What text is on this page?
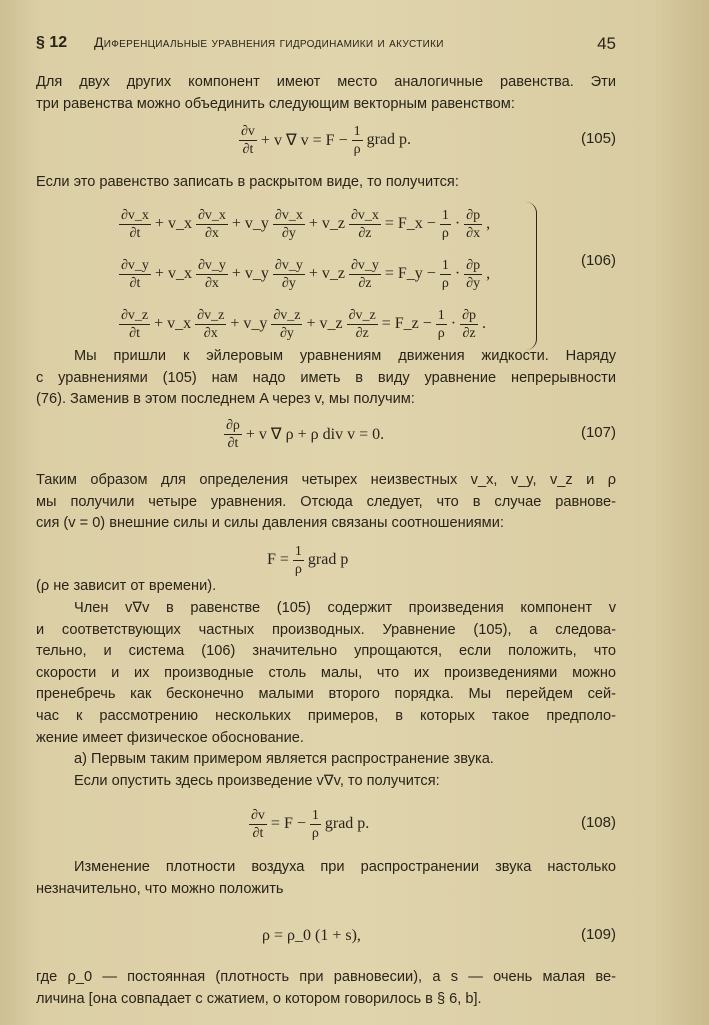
§ 12 Диференциальные уравнения гидродинамики и акустики	45
Для двух других компонент имеют место аналогичные равенства. Эти
три равенства можно объединить следующим векторным равенством:
$\frac{\partial v}{\partial t} + v$ ∇ $v = F - \frac{1}{\rho}$ grad p.	(105)
Если это равенство записать в раскрытом виде, то получится:
$\frac{\partial v\_x}{\partial t}$ + v_x $\frac{\partial v\_x}{\partial x}$ + v_y $\frac{\partial v\_x}{\partial y}$ + v_z $\frac{\partial v\_x}{\partial z}$ = F_x − $\frac{1}{\rho} \cdot \frac{\partial p}{\partial x}$ ,
$\frac{\partial v\_y}{\partial t}$ + v_x $\frac{\partial v\_y}{\partial x}$ + v_y $\frac{\partial v\_y}{\partial y}$ + v_z $\frac{\partial v\_y}{\partial z}$ = F_y − $\frac{1}{\rho} \cdot \frac{\partial p}{\partial y}$ ,
$\frac{\partial v\_z}{\partial t}$ + v_x $\frac{\partial v\_z}{\partial x}$ + v_y $\frac{\partial v\_z}{\partial y}$ + v_z $\frac{\partial v\_z}{\partial z}$ = F_z − $\frac{1}{\rho} \cdot \frac{\partial p}{\partial z}$ .
(106)
Мы пришли к эйлеровым уравнениям движения жидкости. Наряду
с уравнениями (105) нам надо иметь в виду уравнение непрерывности
(76). Заменив в этом последнем A через v, мы получим:
$\frac{\partial\rho}{\partial t} + v$ ∇ ρ + ρ div v = 0.	(107)
Таким образом для определения четырех неизвестных v_x, v_y, v_z и ρ
мы получили четыре уравнения. Отсюда следует, что в случае равнове-
сия (v = 0) внешние силы и силы давления связаны соотношениями:
$F = \frac{1}{\rho}$ grad p
(ρ не зависит от времени).
Член v∇v в равенстве (105) содержит произведения компонент v
и соответствующих частных производных. Уравнение (105), а следова-
тельно, и система (106) значительно упрощаются, если положить, что
скорости и их производные столь малы, что их произведениями можно
пренебречь как бесконечно малыми второго порядка. Мы перейдем сей-
час к рассмотрению нескольких примеров, в которых такое предполо-
жение имеет физическое обоснование.
а) Первым таким примером является распространение звука.
Если опустить здесь произведение v∇v, то получится:
$\frac{\partial v}{\partial t} = F - \frac{1}{\rho}$ grad p.	(108)
Изменение плотности воздуха при распространении звука настолько
незначительно, что можно положить
ρ = ρ_0 (1 + s),	(109)
где ρ_0 — постоянная (плотность при равновесии), а s — очень малая ве-
личина [она совпадает с сжатием, о котором говорилось в § 6, b].
